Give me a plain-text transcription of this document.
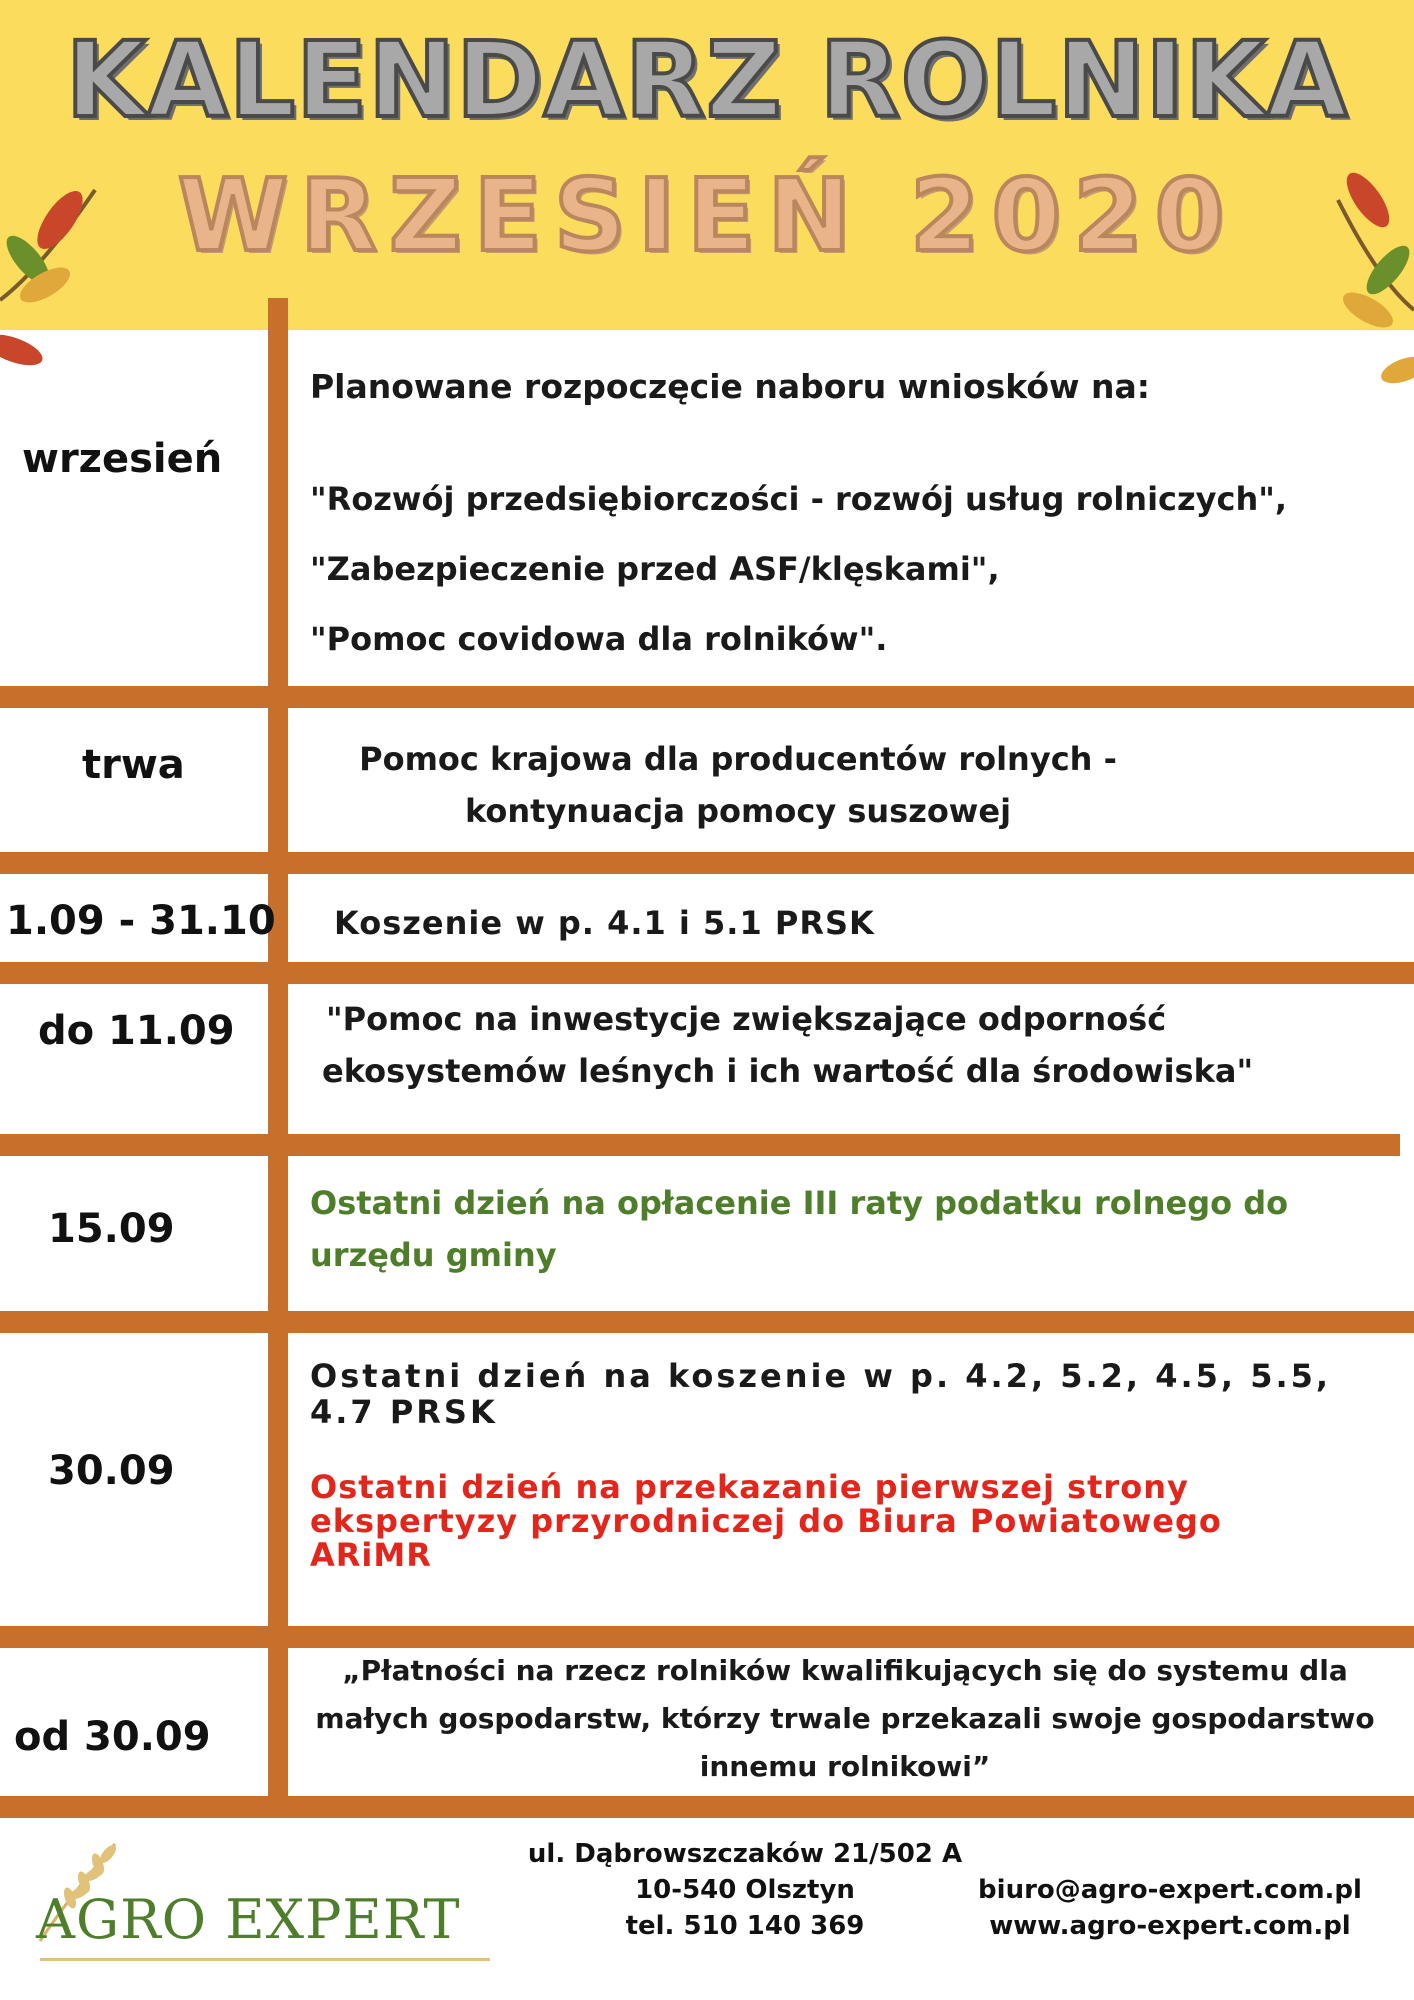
KALENDARZ ROLNIKA
WRZESIEŃ 2020
wrzesień
Planowane rozpoczęcie naboru wniosków na:
"Rozwój przedsiębiorczości - rozwój usług rolniczych",
"Zabezpieczenie przed ASF/klęskami",
"Pomoc covidowa dla rolników".
trwa	Pomoc krajowa dla producentów rolnych -
kontynuacja pomocy suszowej
1.09 - 31.10 Koszenie w p. 4.1 i 5.1 PRSK
do 11.09	"Pomoc na inwestycje zwiększające odporność
ekosystemów leśnych i ich wartość dla środowiska"
15.09
Ostatni dzień na opłacenie III raty podatku rolnego do
urzędu gminy
30.09
Ostatni dzień na koszenie w p. 4.2, 5.2, 4.5, 5.5,
4.7 PRSK
Ostatni dzień na przekazanie pierwszej strony
ekspertyzy przyrodniczej do Biura Powiatowego
ARiMR
od 30.09
„Płatności na rzecz rolników kwalifikujących się do systemu dla
małych gospodarstw, którzy trwale przekazali swoje gospodarstwo
innemu rolnikowi”
AGRO EXPERT
ul. Dąbrowszczaków 21/502 A
10-540 Olsztyn
tel. 510 140 369
biuro@agro-expert.com.pl
www.agro-expert.com.pl
